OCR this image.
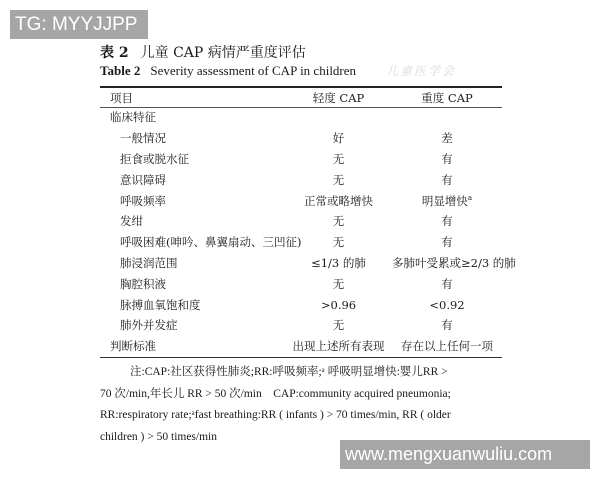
TG: MYYJJPP
表 2 儿童 CAP 病情严重度评估
Table 2 Severity assessment of CAP in children 儿童医学会
项目	轻度 CAP	重度 CAP
临床特征
一般情况	好	差
拒食或脱水征	无	有
意识障碍	无	有
呼吸频率	正常或略增快	明显增快$^a$
发绀	无	有
呼吸困难(呻吟、鼻翼扇动、三凹征)	无	有
肺浸润范围	≤1/3 的肺	多肺叶受累或≥2/3 的肺
胸腔积液	无	有
脉搏血氧饱和度	>0.96	<0.92
肺外并发症	无	有
判断标准	出现上述所有表现	存在以上任何一项

注:CAP:社区获得性肺炎;RR:呼吸频率;ᵃ 呼吸明显增快:婴儿RR >

70 次/min,年长儿 RR > 50 次/min　CAP:community acquired pneumonia;

RR:respiratory rate;ᵃfast breathing:RR ( infants ) > 70 times/min, RR ( older

children ) > 50 times/min

www.mengxuanwuliu.com
